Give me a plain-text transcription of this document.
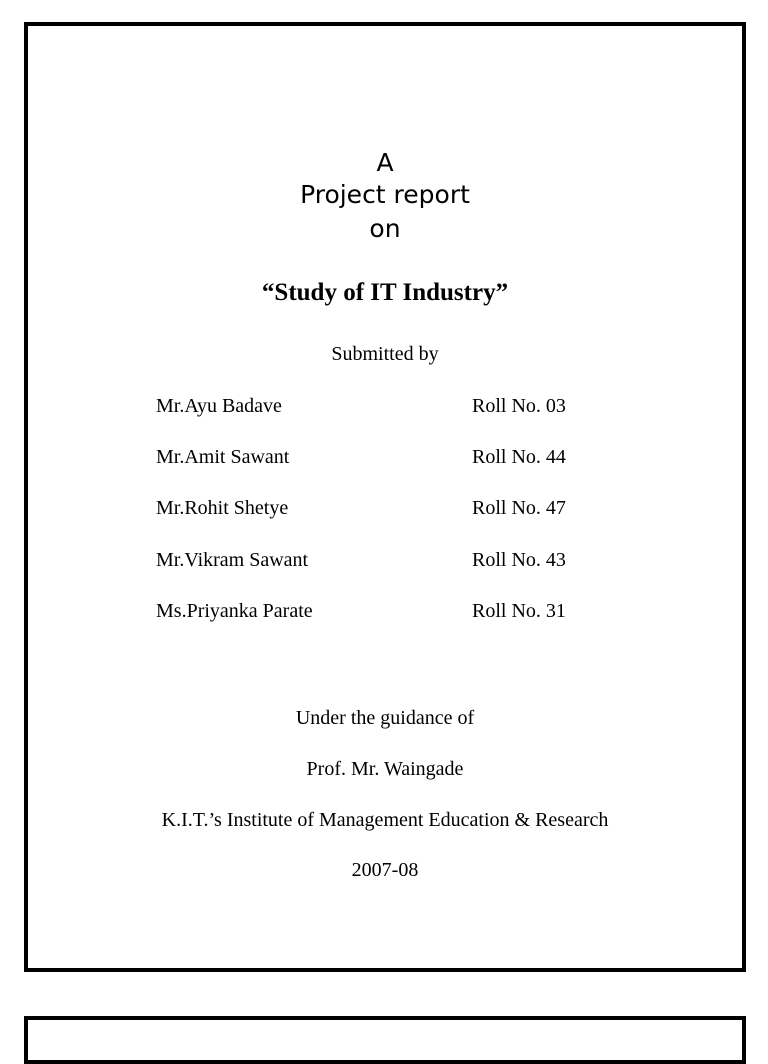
A
Project report
on
“Study of IT Industry”
Submitted by
Mr.Ayu Badave	Roll No. 03
Mr.Amit Sawant	Roll No. 44
Mr.Rohit Shetye	Roll No. 47
Mr.Vikram Sawant	Roll No. 43
Ms.Priyanka Parate	Roll No. 31
Under the guidance of
Prof. Mr. Waingade
K.I.T.’s Institute of Management Education & Research
2007-08
